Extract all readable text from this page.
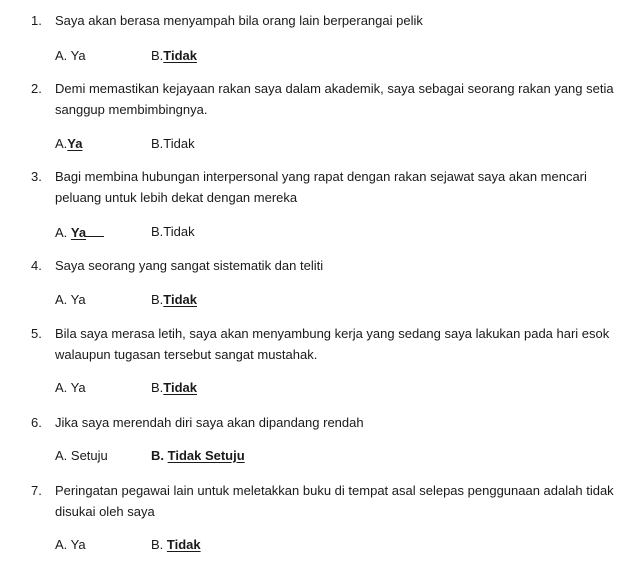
1. Saya akan berasa menyampah bila orang lain berperangai pelik
A. Ya	B.Tidak
2. Demi memastikan kejayaan rakan saya dalam akademik, saya sebagai seorang rakan yang setia sanggup membimbingnya.
A.Ya	B.Tidak
3. Bagi membina hubungan interpersonal yang rapat dengan rakan sejawat saya akan mencari peluang untuk lebih dekat dengan mereka
A. Ya	B.Tidak
4. Saya seorang yang sangat sistematik dan teliti
A. Ya	B.Tidak
5. Bila saya merasa letih, saya akan menyambung kerja yang sedang saya lakukan pada hari esok walaupun tugasan tersebut sangat mustahak.
A. Ya	B.Tidak
6. Jika saya merendah diri saya akan dipandang rendah
A. Setuju	B. Tidak Setuju
7. Peringatan pegawai lain untuk meletakkan buku di tempat asal selepas penggunaan adalah tidak disukai oleh saya
A. Ya	B. Tidak
